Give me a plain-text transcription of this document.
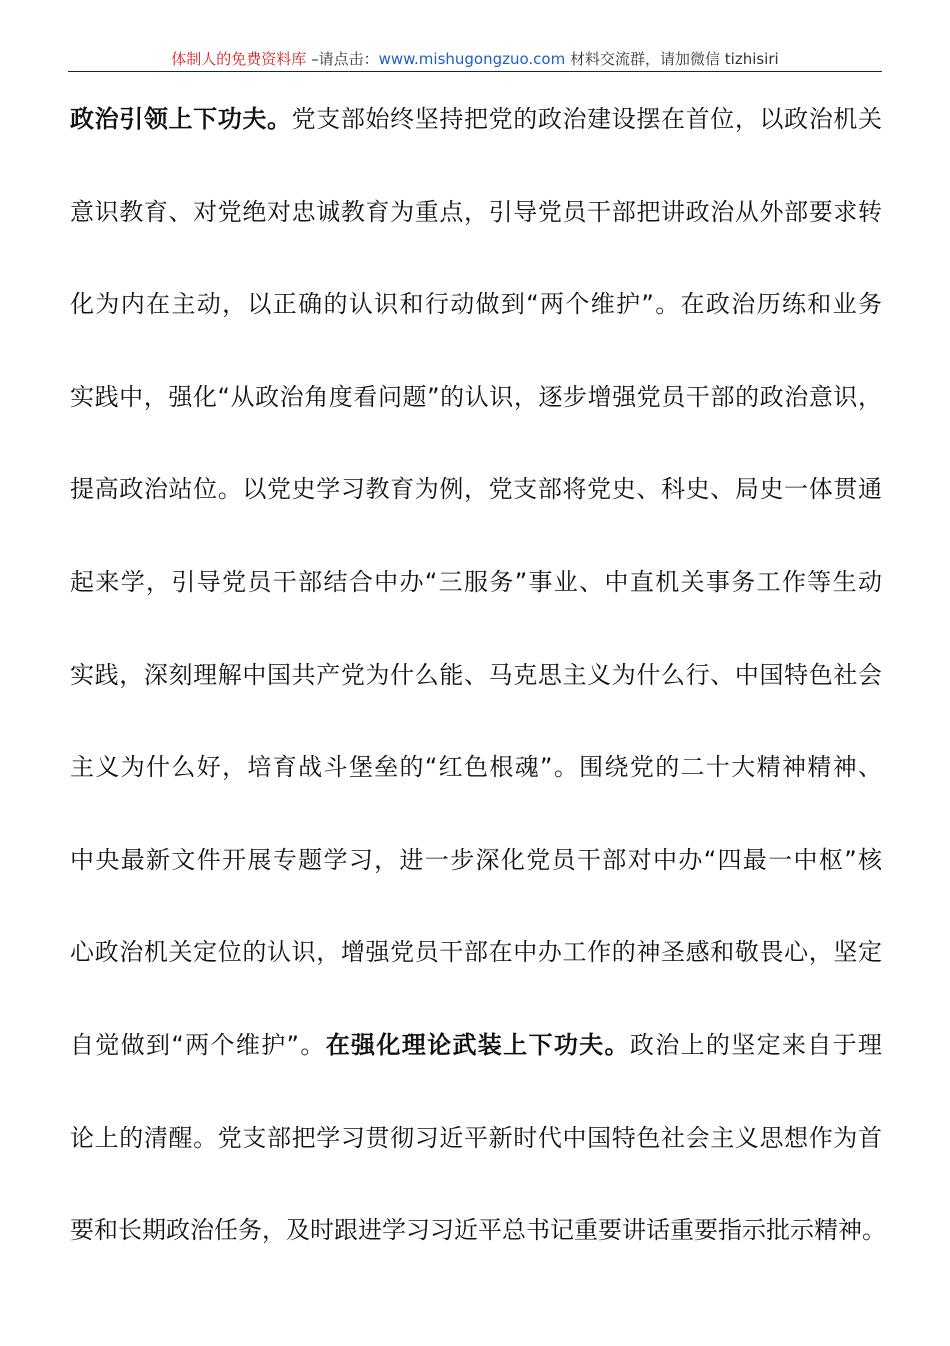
体制人的免费资料库 –请点击：www.mishugongzuo.com 材料交流群，请加微信 tizhisiri
政治引领上下功夫。党支部始终坚持把党的政治建设摆在首位，以政治机关
意识教育、对党绝对忠诚教育为重点，引导党员干部把讲政治从外部要求转
化为内在主动，以正确的认识和行动做到“两个维护”。在政治历练和业务
实践中，强化“从政治角度看问题”的认识，逐步增强党员干部的政治意识，
提高政治站位。以党史学习教育为例，党支部将党史、科史、局史一体贯通
起来学，引导党员干部结合中办“三服务”事业、中直机关事务工作等生动
实践，深刻理解中国共产党为什么能、马克思主义为什么行、中国特色社会
主义为什么好，培育战斗堡垒的“红色根魂”。围绕党的二十大精神精神、
中央最新文件开展专题学习，进一步深化党员干部对中办“四最一中枢”核
心政治机关定位的认识，增强党员干部在中办工作的神圣感和敬畏心，坚定
自觉做到“两个维护”。在强化理论武装上下功夫。政治上的坚定来自于理
论上的清醒。党支部把学习贯彻习近平新时代中国特色社会主义思想作为首
要和长期政治任务，及时跟进学习习近平总书记重要讲话重要指示批示精神。
